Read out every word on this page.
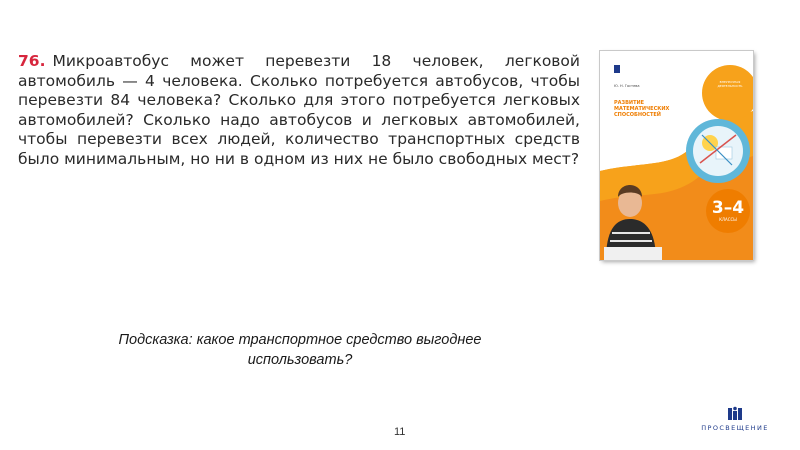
76. Микроавтобус может перевезти 18 человек, легковой автомобиль — 4 человека. Сколько потребуется автобусов, чтобы перевезти 84 человека? Сколько для этого потребуется легковых автомобилей? Сколько надо автобусов и легковых автомобилей, чтобы перевезти всех людей, количество транспортных средств было минимальным, но ни в одном из них не было свободных мест?
Ю. Н. Гостева
РАЗВИТИЕ МАТЕМАТИЧЕСКИХ СПОСОБНОСТЕЙ
ВНЕУРОЧНАЯ ДЕЯТЕЛЬНОСТЬ
3–4
КЛАССЫ
Подсказка: какое транспортное средство выгоднее использовать?
11	ПРОСВЕЩЕНИЕ
